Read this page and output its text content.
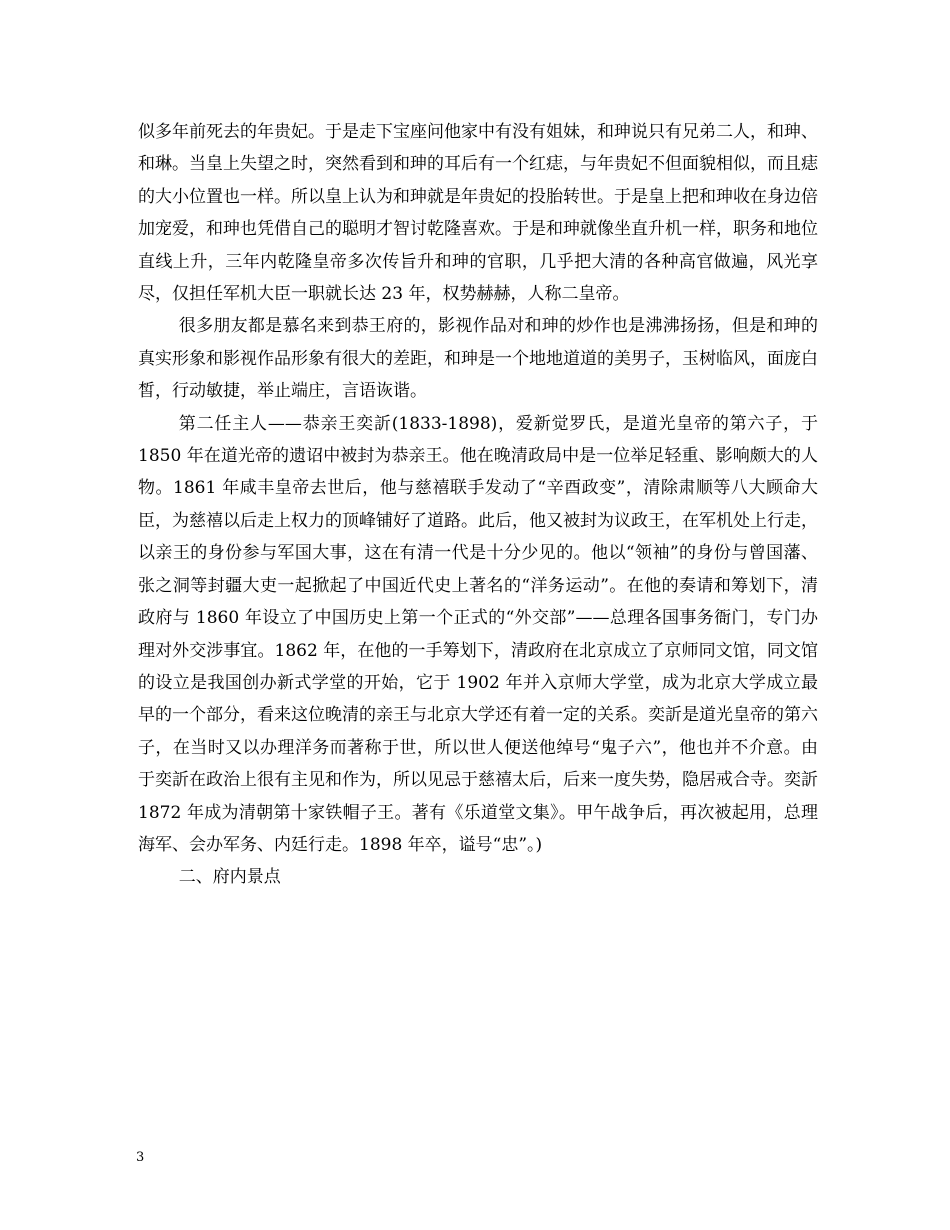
似多年前死去的年贵妃。于是走下宝座问他家中有没有姐妹，和珅说只有兄弟二人，和珅、和琳。当皇上失望之时，突然看到和珅的耳后有一个红痣，与年贵妃不但面貌相似，而且痣的大小位置也一样。所以皇上认为和珅就是年贵妃的投胎转世。于是皇上把和珅收在身边倍加宠爱，和珅也凭借自己的聪明才智讨乾隆喜欢。于是和珅就像坐直升机一样，职务和地位直线上升，三年内乾隆皇帝多次传旨升和珅的官职，几乎把大清的各种高官做遍，风光享尽，仅担任军机大臣一职就长达 23 年，权势赫赫，人称二皇帝。

很多朋友都是慕名来到恭王府的，影视作品对和珅的炒作也是沸沸扬扬，但是和珅的真实形象和影视作品形象有很大的差距，和珅是一个地地道道的美男子，玉树临风，面庞白皙，行动敏捷，举止端庄，言语诙谐。

第二任主人——恭亲王奕訢(1833-1898)，爱新觉罗氏，是道光皇帝的第六子，于 1850 年在道光帝的遗诏中被封为恭亲王。他在晚清政局中是一位举足轻重、影响颇大的人物。1861 年咸丰皇帝去世后，他与慈禧联手发动了“辛酉政变”，清除肃顺等八大顾命大臣，为慈禧以后走上权力的顶峰铺好了道路。此后，他又被封为议政王，在军机处上行走，以亲王的身份参与军国大事，这在有清一代是十分少见的。他以“领袖”的身份与曾国藩、张之洞等封疆大吏一起掀起了中国近代史上著名的“洋务运动”。在他的奏请和筹划下，清政府与 1860 年设立了中国历史上第一个正式的“外交部”——总理各国事务衙门，专门办理对外交涉事宜。1862 年，在他的一手筹划下，清政府在北京成立了京师同文馆，同文馆的设立是我国创办新式学堂的开始，它于 1902 年并入京师大学堂，成为北京大学成立最早的一个部分，看来这位晚清的亲王与北京大学还有着一定的关系。奕訢是道光皇帝的第六子，在当时又以办理洋务而著称于世，所以世人便送他绰号“鬼子六”，他也并不介意。由于奕訢在政治上很有主见和作为，所以见忌于慈禧太后，后来一度失势，隐居戒合寺。奕訢 1872 年成为清朝第十家铁帽子王。著有《乐道堂文集》。甲午战争后，再次被起用，总理海军、会办军务、内廷行走。1898 年卒，谥号“忠”。)

二、府内景点

3
